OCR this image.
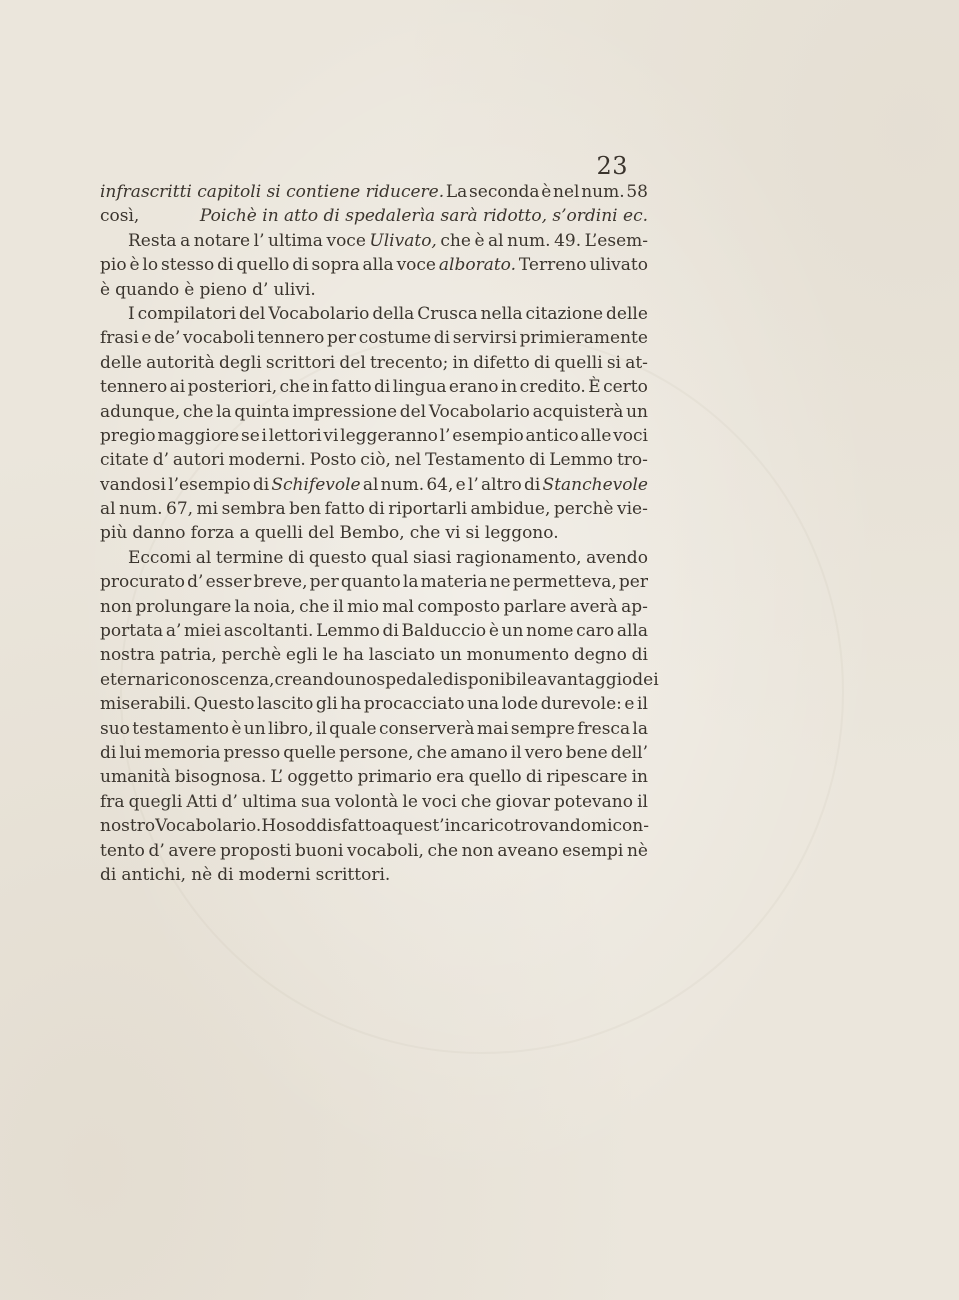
23
infrascritti capitoli si contiene riducere. La seconda è nel num. 58
così,	Poichè in atto di spedalerìa sarà ridotto, s’ordini ec.
Resta a notare l’ ultima voce Ulivato, che è al num. 49. L’esem-
pio è lo stesso di quello di sopra alla voce alborato. Terreno ulivato
è quando è pieno d’ ulivi.
I compilatori del Vocabolario della Crusca nella citazione delle
frasi e de’ vocaboli tennero per costume di servirsi primieramente
delle autorità degli scrittori del trecento; in difetto di quelli si at-
tennero ai posteriori, che in fatto di lingua erano in credito. È certo
adunque, che la quinta impressione del Vocabolario acquisterà un
pregio maggiore se i lettori vi leggeranno l’ esempio antico alle voci
citate d’ autori moderni. Posto ciò, nel Testamento di Lemmo tro-
vandosi l’esempio di Schifevole al num. 64, e l’ altro di Stanchevole
al num. 67, mi sembra ben fatto di riportarli ambidue, perchè vie-
più danno forza a quelli del Bembo, che vi si leggono.
Eccomi al termine di questo qual siasi ragionamento, avendo
procurato d’ esser breve, per quanto la materia ne permetteva, per
non prolungare la noia, che il mio mal composto parlare averà ap-
portata a’ miei ascoltanti. Lemmo di Balduccio è un nome caro alla
nostra patria, perchè egli le ha lasciato un monumento degno di
eterna riconoscenza, creando uno spedale disponibile a vantaggio dei
miserabili. Questo lascito gli ha procacciato una lode durevole: e il
suo testamento è un libro, il quale conserverà mai sempre fresca la
di lui memoria presso quelle persone, che amano il vero bene dell’
umanità bisognosa. L’ oggetto primario era quello di ripescare in
fra quegli Atti d’ ultima sua volontà le voci che giovar potevano il
nostro Vocabolario. Ho soddisfatto a quest’ incarico trovandomi con-
tento d’ avere proposti buoni vocaboli, che non aveano esempi nè
di antichi, nè di moderni scrittori.
